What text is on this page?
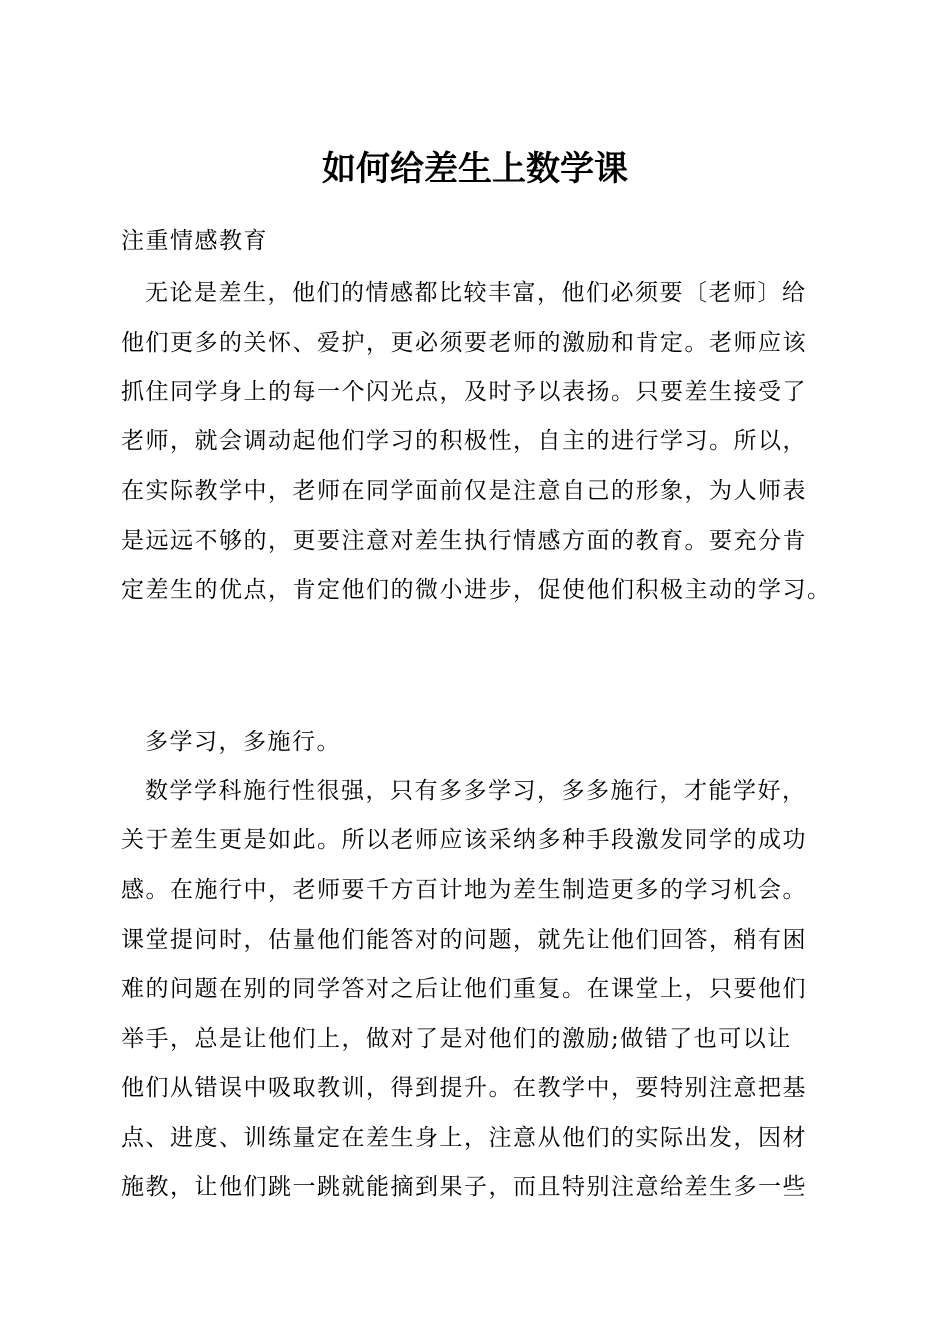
如何给差生上数学课

注重情感教育

无论是差生，他们的情感都比较丰富，他们必须要〔老师〕给

他们更多的关怀、爱护，更必须要老师的激励和肯定。老师应该

抓住同学身上的每一个闪光点，及时予以表扬。只要差生接受了

老师，就会调动起他们学习的积极性，自主的进行学习。所以，

在实际教学中，老师在同学面前仅是注意自己的形象，为人师表

是远远不够的，更要注意对差生执行情感方面的教育。要充分肯

定差生的优点，肯定他们的微小进步，促使他们积极主动的学习。

多学习，多施行。

数学学科施行性很强，只有多多学习，多多施行，才能学好，

关于差生更是如此。所以老师应该采纳多种手段激发同学的成功

感。在施行中，老师要千方百计地为差生制造更多的学习机会。

课堂提问时，估量他们能答对的问题，就先让他们回答，稍有困

难的问题在别的同学答对之后让他们重复。在课堂上，只要他们

举手，总是让他们上，做对了是对他们的激励;做错了也可以让

他们从错误中吸取教训，得到提升。在教学中，要特别注意把基

点、进度、训练量定在差生身上，注意从他们的实际出发，因材

施教，让他们跳一跳就能摘到果子，而且特别注意给差生多一些
